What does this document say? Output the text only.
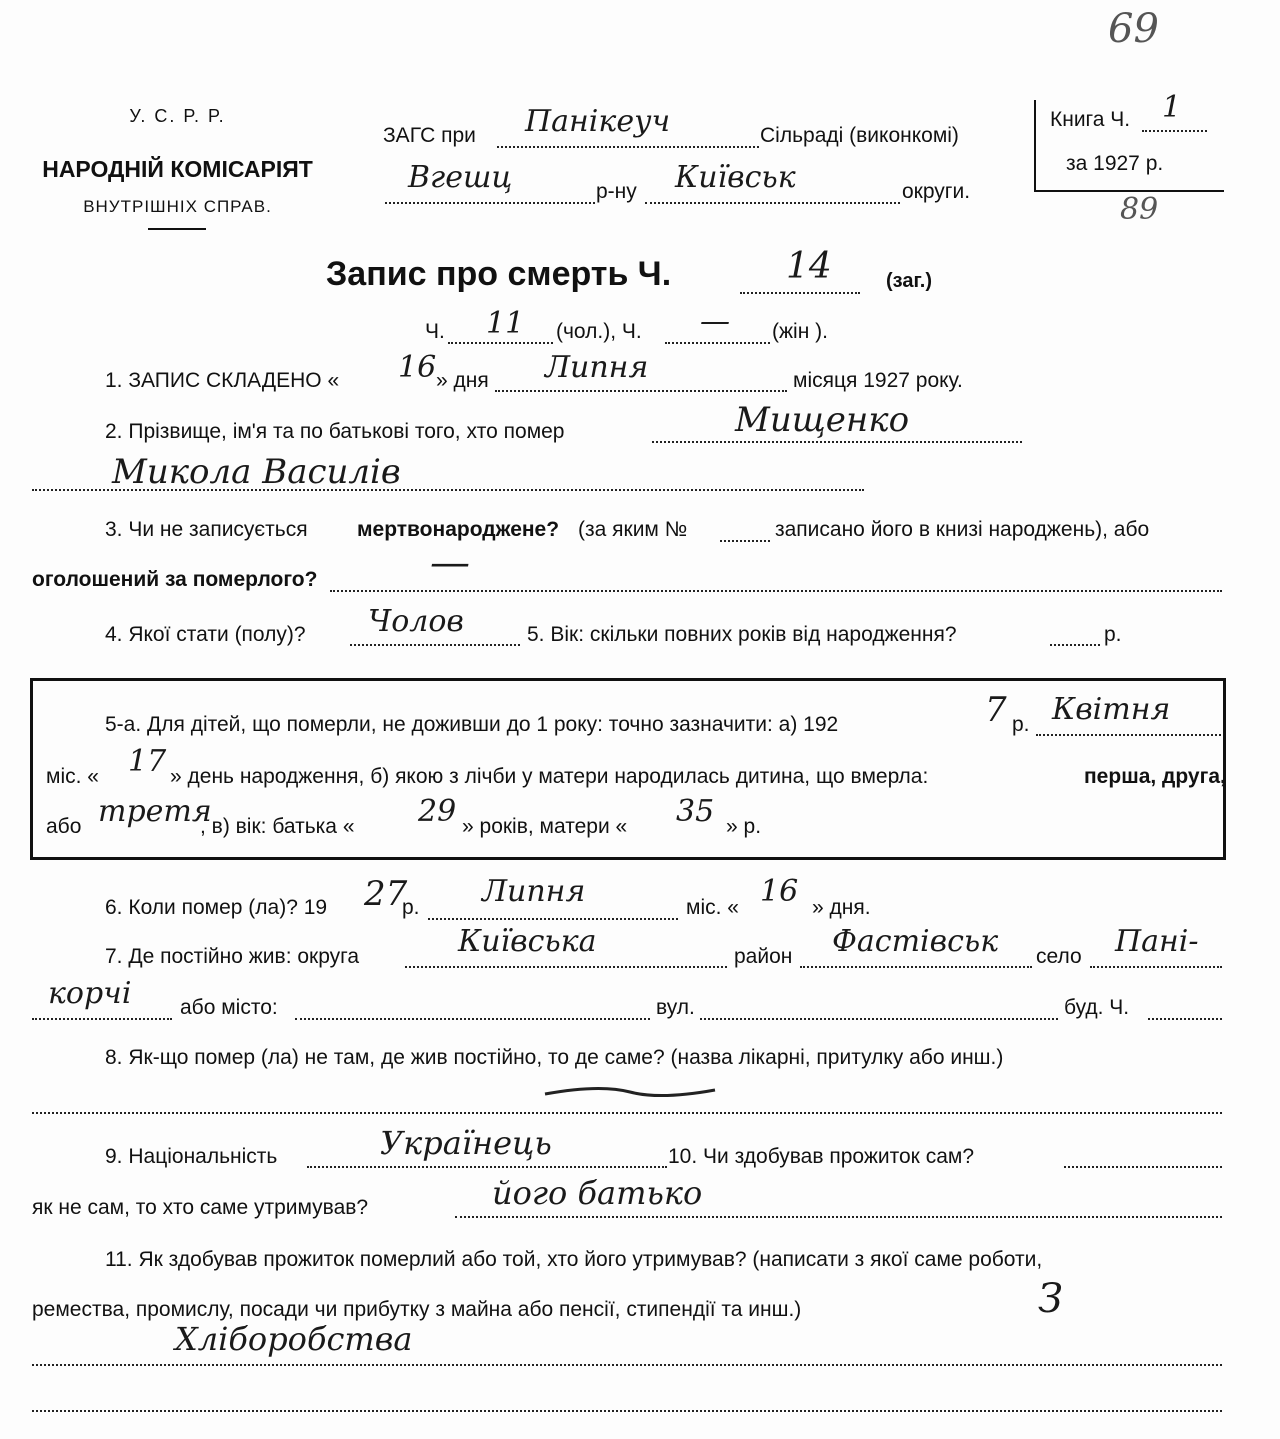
69
89
У. С. Р. Р.
НАРОДНІЙ КОМІСАРІЯТ
ВНУТРІШНІХ СПРАВ.
ЗАГС при Панікеуч	Сільраді (виконкомі)
Вгешц	р-ну Київськ	округи.
Книга Ч. 1
за 1927 р.
Запис про смерть Ч.	14	(заг.)
Ч. 11 (чол.), Ч. — (жін ).
1. ЗАПИС СКЛАДЕНО « 16 » дня Липня	місяця 1927 року.
2. Прізвище, ім'я та по батькові того, хто помер	Мищенко
Микола Василів
3. Чи не записується мертвонароджене? (за яким №	записано його в книзі народжень), або
оголошений за померлого?	—
4. Якої стати (полу)? Чолов	5. Вік: скільки повних років від народження?	р.
5-а. Для дітей, що померли, не доживши до 1 року: точно зазначити: а) 192	7 р. Квітня
міс. « 17 » день народження, б) якою з лічби у матери народилась дитина, що вмерла:	перша, друга,
або третя
, в) вік: батька « 29 » років, матери « 35 » р.
6. Коли помер (ла)? 19 27
р. Липня	міс. « 16 » дня.
7. Де постійно жив: округа	Київська	район Фастівськ село Пані-
корчі або місто:	вул.	буд. Ч.
8. Як-що помер (ла) не там, де жив постійно, то де саме? (назва лікарні, притулку або инш.)
9. Національність	Українець	10. Чи здобував прожиток сам?
як не сам, то хто саме утримував?	його батько
11. Як здобував прожиток померлий або той, хто його утримував? (написати з якої саме роботи,
ремества, промислу, посади чи прибутку з майна або пенсії, стипендії та инш.)	З
Хліборобства
